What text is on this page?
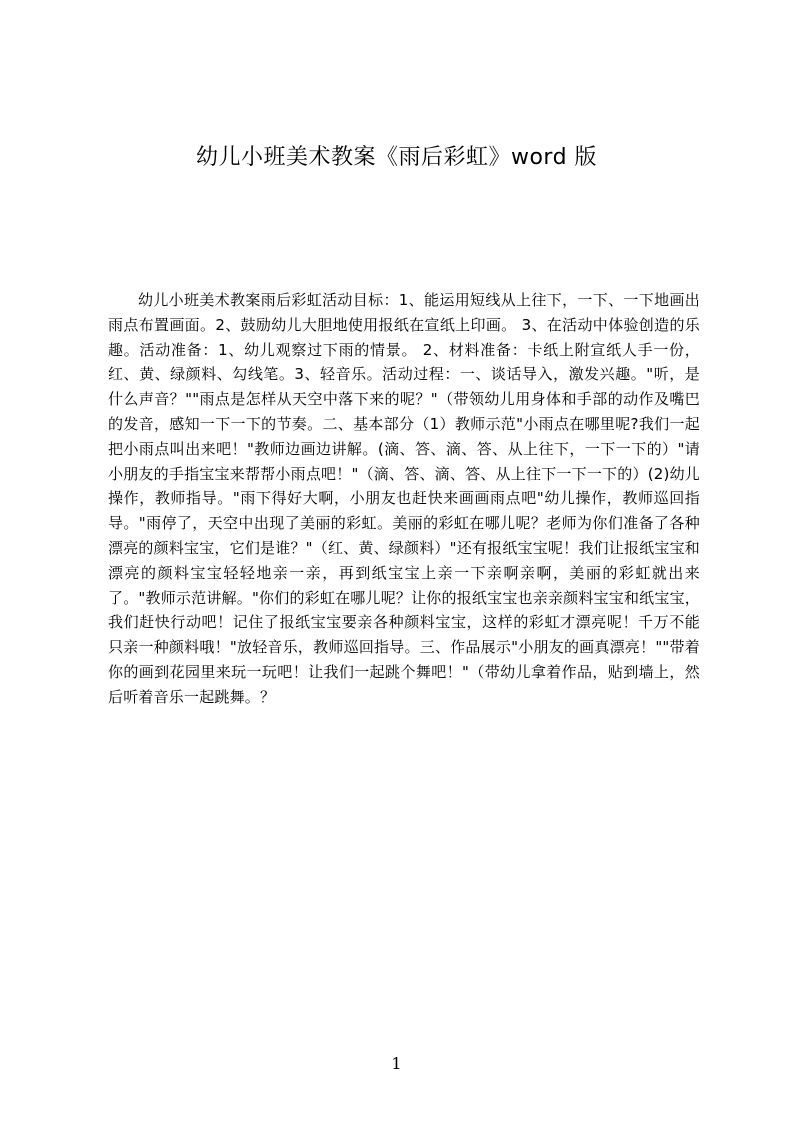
幼儿小班美术教案《雨后彩虹》word 版

幼儿小班美术教案雨后彩虹活动目标：1、能运用短线从上往下，一下、一下地画出雨点布置画面。2、鼓励幼儿大胆地使用报纸在宣纸上印画。 3、在活动中体验创造的乐趣。活动准备：1、幼儿观察过下雨的情景。 2、材料准备：卡纸上附宣纸人手一份，红、黄、绿颜料、勾线笔。3、轻音乐。活动过程：一、谈话导入，激发兴趣。"听，是什么声音？""雨点是怎样从天空中落下来的呢？"（带领幼儿用身体和手部的动作及嘴巴的发音，感知一下一下的节奏。二、基本部分（1）教师示范"小雨点在哪里呢?我们一起把小雨点叫出来吧！"教师边画边讲解。(滴、答、滴、答、从上往下，一下一下的）"请小朋友的手指宝宝来帮帮小雨点吧！"（滴、答、滴、答、从上往下一下一下的）(2)幼儿操作，教师指导。"雨下得好大啊，小朋友也赶快来画画雨点吧"幼儿操作，教师巡回指导。"雨停了，天空中出现了美丽的彩虹。美丽的彩虹在哪儿呢？老师为你们准备了各种漂亮的颜料宝宝，它们是谁？"（红、黄、绿颜料）"还有报纸宝宝呢！我们让报纸宝宝和漂亮的颜料宝宝轻轻地亲一亲，再到纸宝宝上亲一下亲啊亲啊，美丽的彩虹就出来了。"教师示范讲解。"你们的彩虹在哪儿呢？让你的报纸宝宝也亲亲颜料宝宝和纸宝宝，我们赶快行动吧！记住了报纸宝宝要亲各种颜料宝宝，这样的彩虹才漂亮呢！千万不能只亲一种颜料哦！"放轻音乐，教师巡回指导。三、作品展示"小朋友的画真漂亮！""带着你的画到花园里来玩一玩吧！让我们一起跳个舞吧！"（带幼儿拿着作品，贴到墙上，然后听着音乐一起跳舞。？

1
